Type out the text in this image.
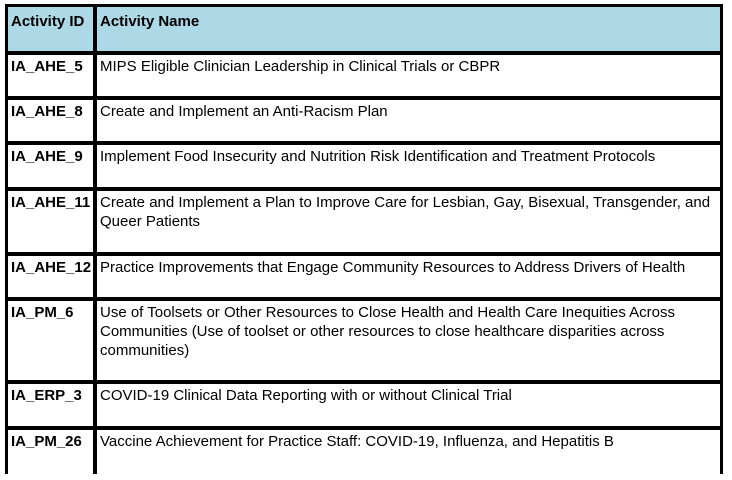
Activity ID	Activity Name
IA_AHE_5	MIPS Eligible Clinician Leadership in Clinical Trials or CBPR
IA_AHE_8	Create and Implement an Anti-Racism Plan
IA_AHE_9	Implement Food Insecurity and Nutrition Risk Identification and Treatment Protocols
IA_AHE_11	Create and Implement a Plan to Improve Care for Lesbian, Gay, Bisexual, Transgender, and Queer Patients
IA_AHE_12	Practice Improvements that Engage Community Resources to Address Drivers of Health
IA_PM_6	Use of Toolsets or Other Resources to Close Health and Health Care Inequities Across Communities (Use of toolset or other resources to close healthcare disparities across communities)
IA_ERP_3	COVID-19 Clinical Data Reporting with or without Clinical Trial
IA_PM_26	Vaccine Achievement for Practice Staff: COVID-19, Influenza, and Hepatitis B
